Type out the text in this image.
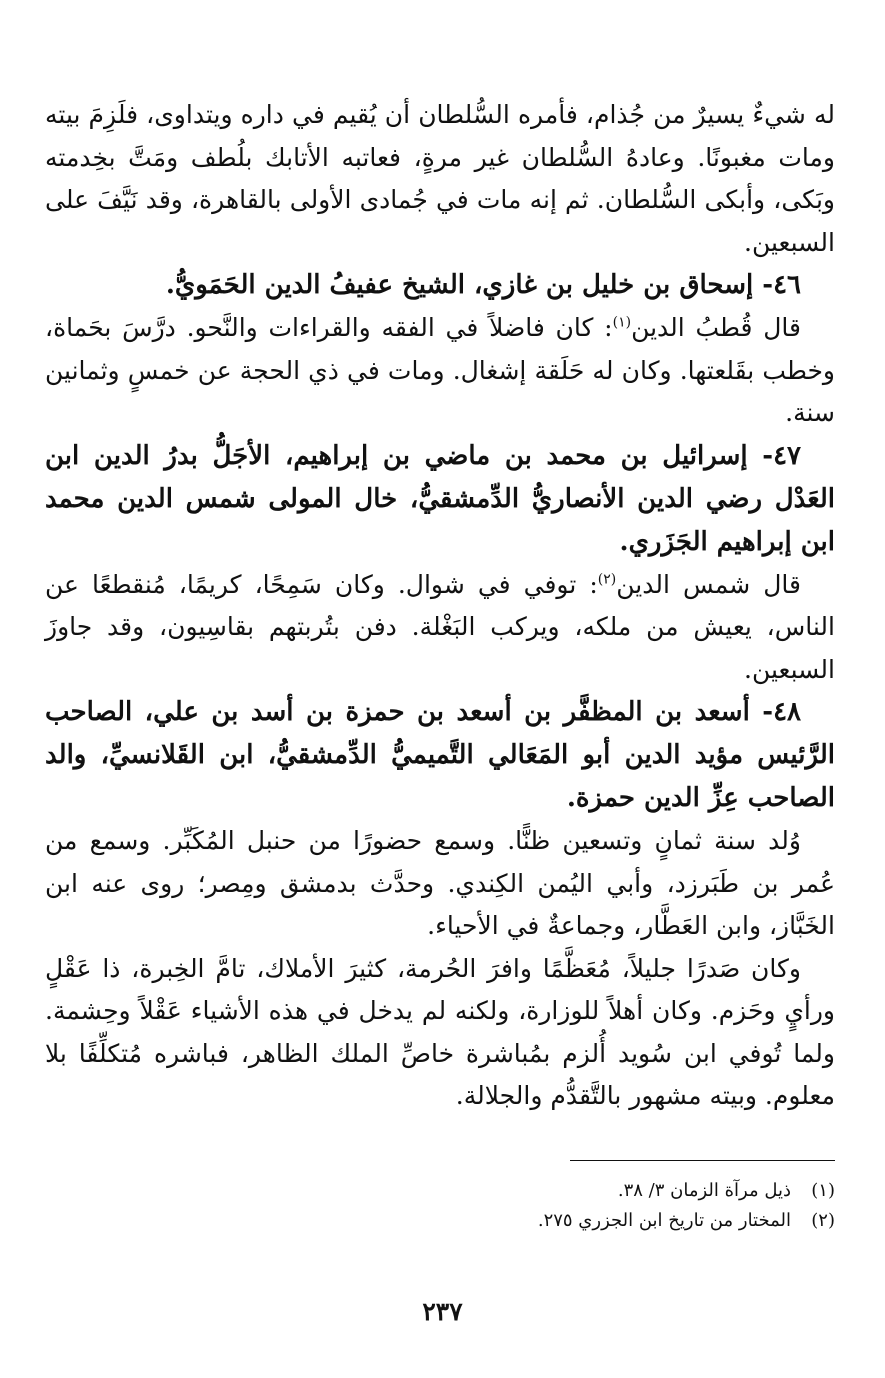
له شيءٌ يسيرٌ من جُذام، فأمره السُّلطان أن يُقيم في داره ويتداوى، فلَزِمَ بيته ومات مغبونًا. وعادهُ السُّلطان غير مرةٍ، فعاتبه الأتابك بلُطف ومَتَّ بخِدمته وبَكى، وأبكى السُّلطان. ثم إنه مات في جُمادى الأولى بالقاهرة، وقد نَيَّفَ على السبعين.

٤٦- إسحاق بن خليل بن غازي، الشيخ عفيفُ الدين الحَمَويُّ.

قال قُطبُ الدين$^{(١)}$: كان فاضلاً في الفقه والقراءات والنَّحو. درَّسَ بحَماة، وخطب بقَلعتها. وكان له حَلَقة إشغال. ومات في ذي الحجة عن خمسٍ وثمانين سنة.

٤٧- إسرائيل بن محمد بن ماضي بن إبراهيم، الأجَلُّ بدرُ الدين ابن العَدْل رضي الدين الأنصاريُّ الدِّمشقيُّ، خال المولى شمس الدين محمد ابن إبراهيم الجَزَري.

قال شمس الدين$^{(٢)}$: توفي في شوال. وكان سَمِحًا، كريمًا، مُنقطعًا عن الناس، يعيش من ملكه، ويركب البَغْلة. دفن بتُربتهم بقاسِيون، وقد جاوزَ السبعين.

٤٨- أسعد بن المظفَّر بن أسعد بن حمزة بن أسد بن علي، الصاحب الرَّئيس مؤيد الدين أبو المَعَالي التَّميميُّ الدِّمشقيُّ، ابن القَلانسيِّ، والد الصاحب عِزِّ الدين حمزة.

وُلد سنة ثمانٍ وتسعين ظنًّا. وسمع حضورًا من حنبل المُكَبِّر. وسمع من عُمر بن طَبَرزد، وأبي اليُمن الكِندي. وحدَّث بدمشق ومِصر؛ روى عنه ابن الخَبَّاز، وابن العَطَّار، وجماعةٌ في الأحياء.

وكان صَدرًا جليلاً، مُعَظَّمًا وافرَ الحُرمة، كثيرَ الأملاك، تامَّ الخِبرة، ذا عَقْلٍ ورأيٍ وحَزم. وكان أهلاً للوزارة، ولكنه لم يدخل في هذه الأشياء عَقْلاً وحِشمة. ولما تُوفي ابن سُويد أُلزم بمُباشرة خاصِّ الملك الظاهر، فباشره مُتكلِّفًا بلا معلوم. وبيته مشهور بالتَّقدُّم والجلالة.

(١)
ذيل مرآة الزمان ٣/ ٣٨.
(٢)
المختار من تاريخ ابن الجزري ٢٧٥.
٢٣٧
